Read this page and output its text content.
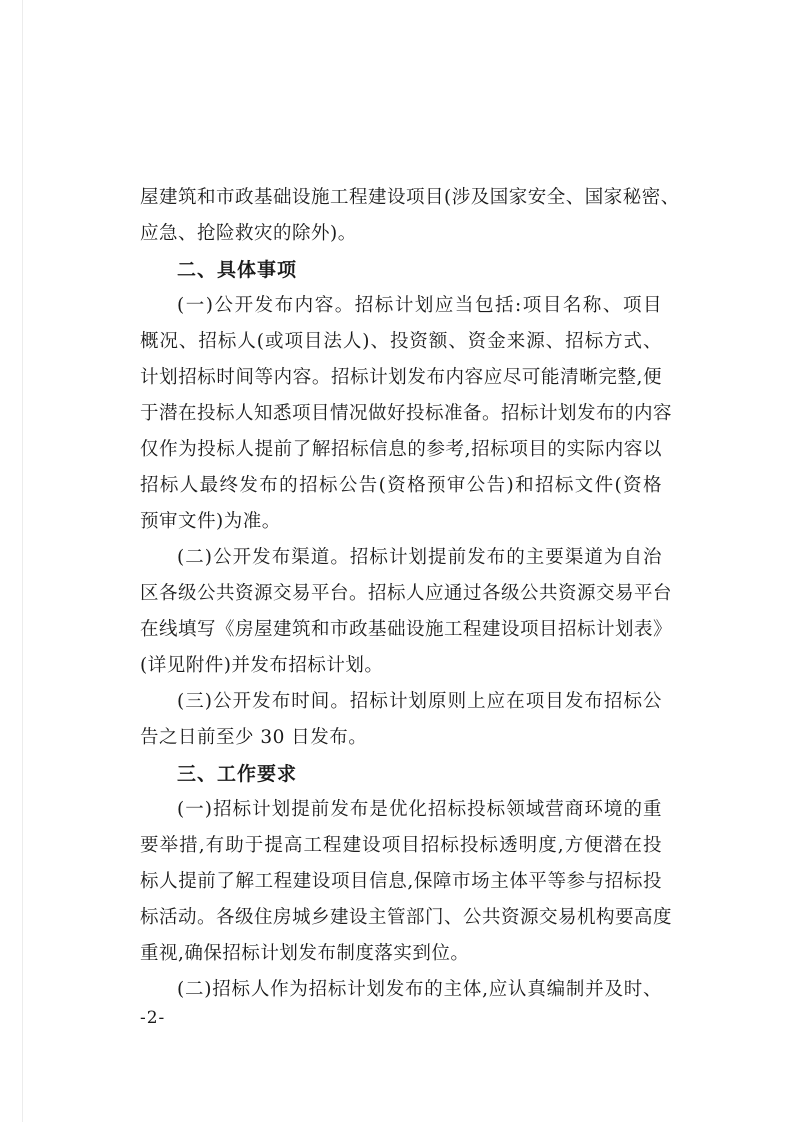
屋建筑和市政基础设施工程建设项目(涉及国家安全、国家秘密、
应急、抢险救灾的除外)。
二、具体事项
(一)公开发布内容。招标计划应当包括:项目名称、项目
概况、招标人(或项目法人)、投资额、资金来源、招标方式、
计划招标时间等内容。招标计划发布内容应尽可能清晰完整,便
于潜在投标人知悉项目情况做好投标准备。招标计划发布的内容
仅作为投标人提前了解招标信息的参考,招标项目的实际内容以
招标人最终发布的招标公告(资格预审公告)和招标文件(资格
预审文件)为准。
(二)公开发布渠道。招标计划提前发布的主要渠道为自治
区各级公共资源交易平台。招标人应通过各级公共资源交易平台
在线填写《房屋建筑和市政基础设施工程建设项目招标计划表》
(详见附件)并发布招标计划。
(三)公开发布时间。招标计划原则上应在项目发布招标公
告之日前至少 30 日发布。
三、工作要求
(一)招标计划提前发布是优化招标投标领域营商环境的重
要举措,有助于提高工程建设项目招标投标透明度,方便潜在投
标人提前了解工程建设项目信息,保障市场主体平等参与招标投
标活动。各级住房城乡建设主管部门、公共资源交易机构要高度
重视,确保招标计划发布制度落实到位。
(二)招标人作为招标计划发布的主体,应认真编制并及时、
-2-
